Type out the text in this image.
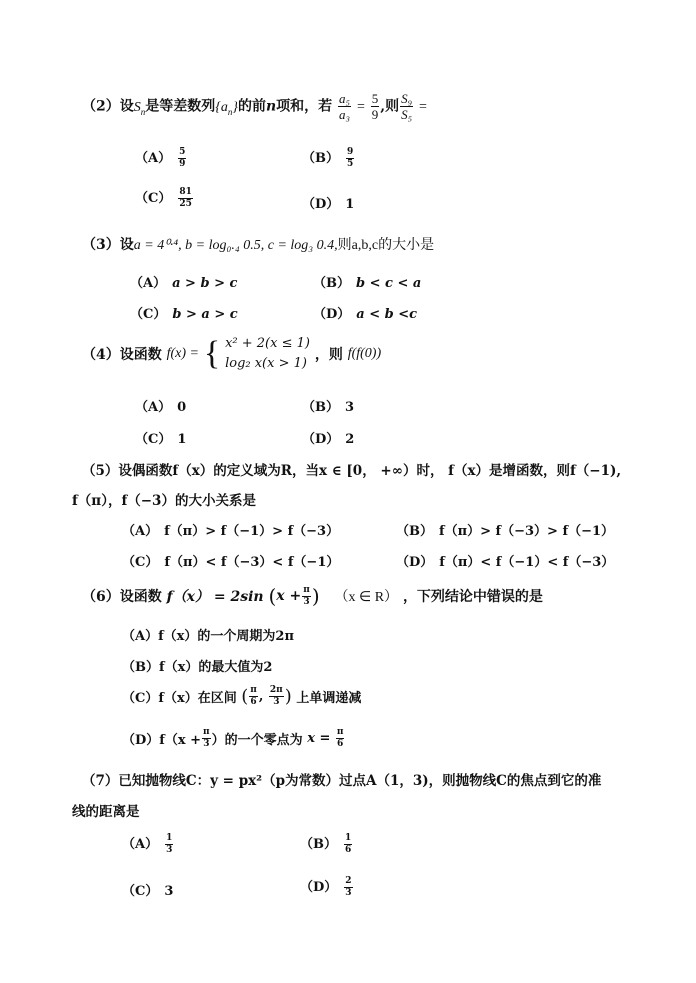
（2）设$S_n$是等差数列$\{a_n\}$的前n项和，若 $\frac{\text{a₅}}{\text{a₃}} = \frac{5}{9}$ ,则 $\frac{\text{S₉}}{\text{S₅}}$ =
$(A) \frac{5}{9}$	$(B) \frac{9}{5}$
$(C) \frac{81}{25}$	（D） 1
（3）设a = 4⁰·⁴, b = log₀.₄ 0.5, c = log₃ 0.4,则a,b,c的大小是
（A） a > b > c	（B） b < c < a
（C） b > a > c	（D） a < b <c
（4）设函数 f(x) = { x² + 2(x ≤ 1)
log₂ x(x > 1)
，则 f(f(0))
（A） 0	（B） 3
（C） 1	（D） 2
（5）设偶函数f（x）的定义域为R，当x ∈ [0， +∞）时， f（x）是增函数，则f（−1),
f（π），f（−3）的大小关系是
（A） f（π）> f（−1）> f（−3）	（B） f（π）> f（−3）> f（−1）
（C） f（π）< f（−3）< f（−1）	（D） f（π）< f（−1）< f（−3）
（6）设函数 f（x） = 2sin ($x + \frac{\pi}{3}$ ) （x ∈ R） ，下列结论中错误的是
（A）f（x）的一个周期为2π
（B）f（x）的最大值为2
（C）f（x）在区间 ( $\frac{\pi}{6}$ , $\frac{2\pi}{3}$ ) 上单调递减
$(D)f(x + \frac{\pi}{3}$ ）的一个零点为 $x = \frac{\pi}{6}$
（7）已知抛物线C：y = px²（p为常数）过点A（1，3)，则抛物线C的焦点到它的准
线的距离是
$(A) \frac{1}{3}$	$(B) \frac{1}{6}$
（C） 3	$(D) \frac{2}{3}$
